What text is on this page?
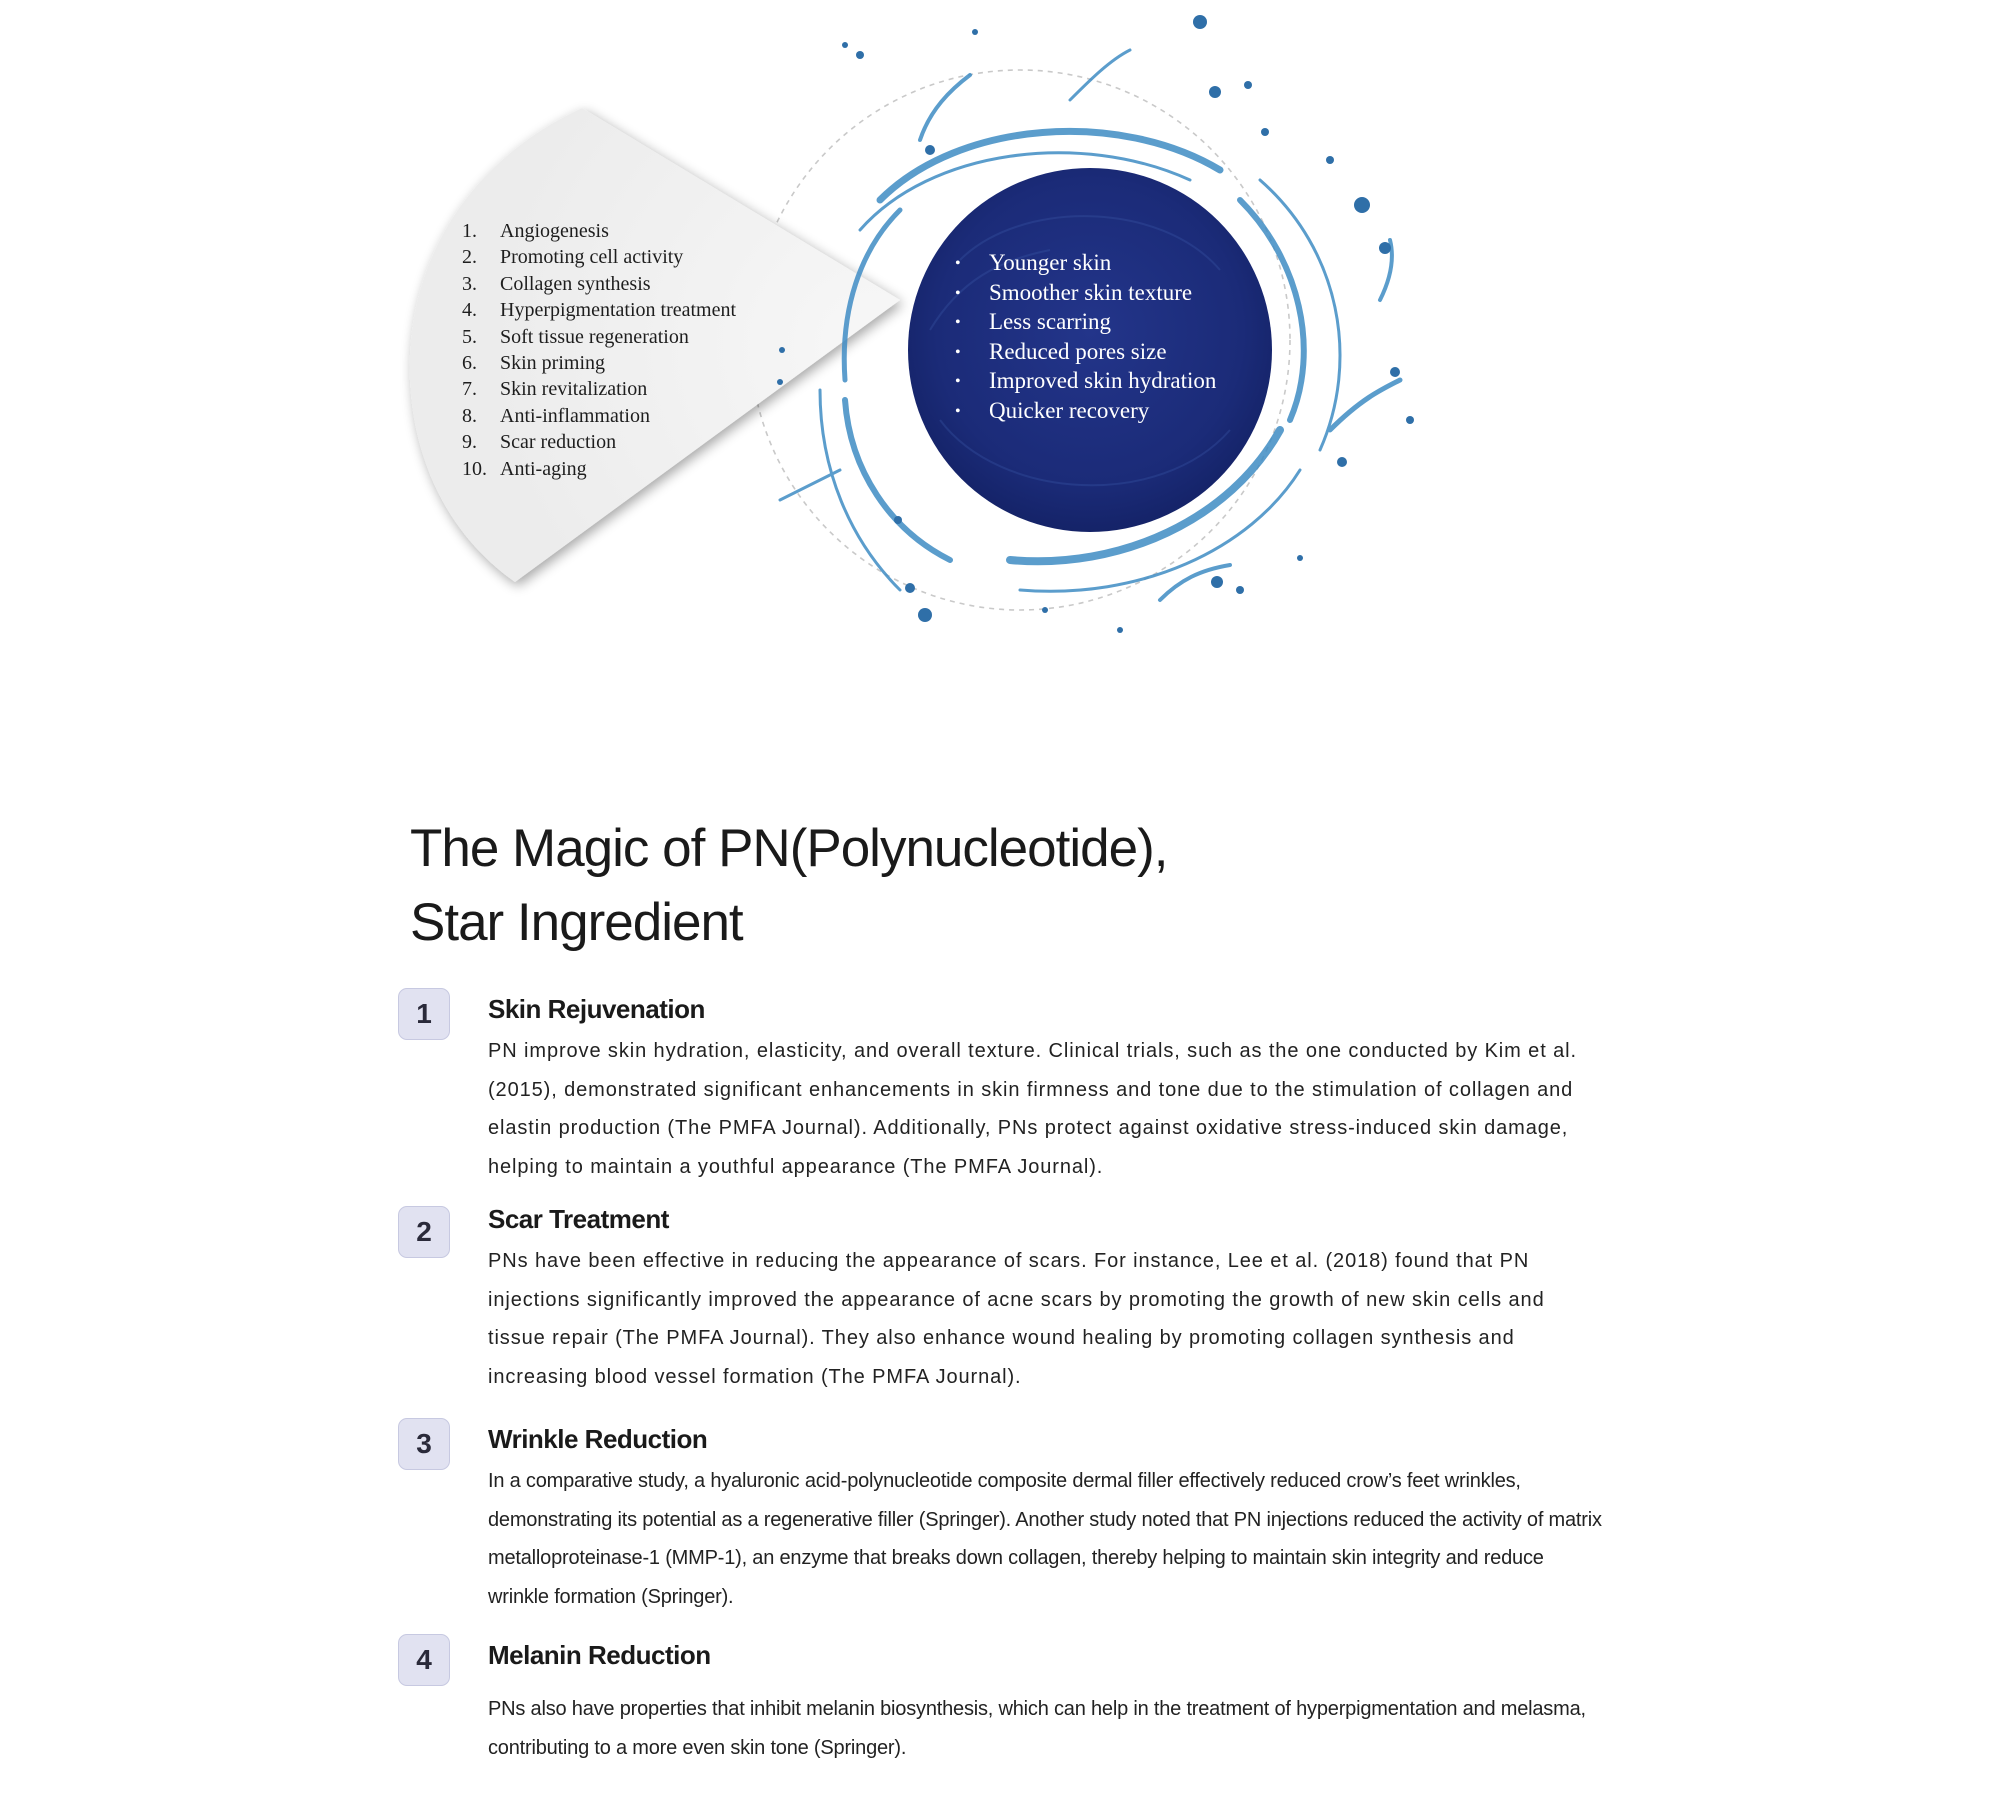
1. Angiogenesis
2. Promoting cell activity
3. Collagen synthesis
4. Hyperpigmentation treatment
5. Soft tissue regeneration
6. Skin priming
7. Skin revitalization
8. Anti-inflammation
9. Scar reduction
10. Anti-aging
• Younger skin
• Smoother skin texture
• Less scarring
• Reduced pores size
• Improved skin hydration
• Quicker recovery
The Magic of PN(Polynucleotide),
Star Ingredient
1	Skin Rejuvenation

PN improve skin hydration, elasticity, and overall texture. Clinical trials, such as the one conducted by Kim et al. (2015), demonstrated significant enhancements in skin firmness and tone due to the stimulation of collagen and elastin production (The PMFA Journal). Additionally, PNs protect against oxidative stress-induced skin damage, helping to maintain a youthful appearance (The PMFA Journal).

2	Scar Treatment

PNs have been effective in reducing the appearance of scars. For instance, Lee et al. (2018) found that PN injections significantly improved the appearance of acne scars by promoting the growth of new skin cells and tissue repair (The PMFA Journal). They also enhance wound healing by promoting collagen synthesis and increasing blood vessel formation (The PMFA Journal).

3	Wrinkle Reduction

In a comparative study, a hyaluronic acid-polynucleotide composite dermal filler effectively reduced crow’s feet wrinkles, demonstrating its potential as a regenerative filler (Springer). Another study noted that PN injections reduced the activity of matrix metalloproteinase-1 (MMP-1), an enzyme that breaks down collagen, thereby helping to maintain skin integrity and reduce wrinkle formation (Springer).

4	Melanin Reduction

PNs also have properties that inhibit melanin biosynthesis, which can help in the treatment of hyperpigmentation and melasma, contributing to a more even skin tone (Springer).
